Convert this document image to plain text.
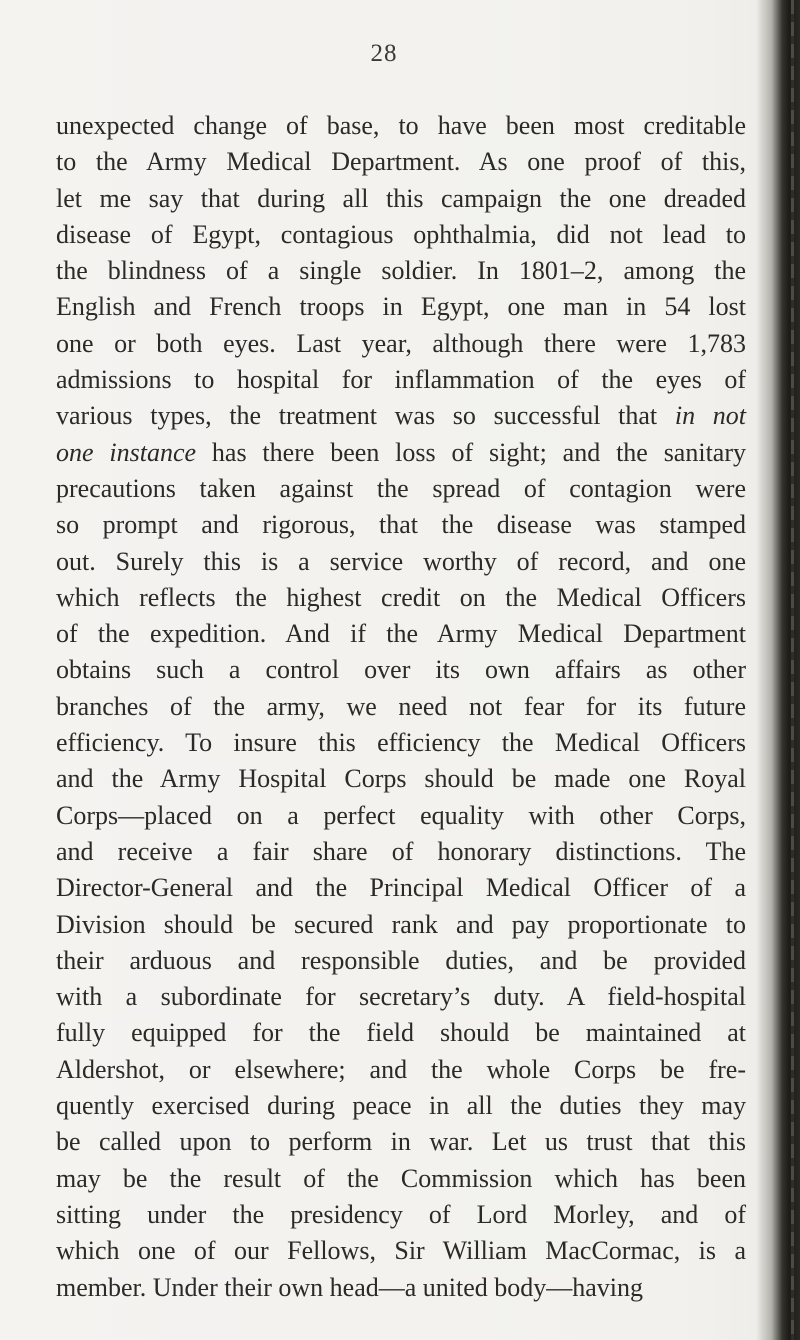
28
unexpected change of base, to have been most creditable
to the Army Medical Department. As one proof of this,
let me say that during all this campaign the one dreaded
disease of Egypt, contagious ophthalmia, did not lead to
the blindness of a single soldier. In 1801–2, among the
English and French troops in Egypt, one man in 54 lost
one or both eyes. Last year, although there were 1,783
admissions to hospital for inflammation of the eyes of
various types, the treatment was so successful that in not
one instance has there been loss of sight; and the sanitary
precautions taken against the spread of contagion were
so prompt and rigorous, that the disease was stamped
out. Surely this is a service worthy of record, and one
which reflects the highest credit on the Medical Officers
of the expedition. And if the Army Medical Department
obtains such a control over its own affairs as other
branches of the army, we need not fear for its future
efficiency. To insure this efficiency the Medical Officers
and the Army Hospital Corps should be made one Royal
Corps—placed on a perfect equality with other Corps,
and receive a fair share of honorary distinctions. The
Director-General and the Principal Medical Officer of a
Division should be secured rank and pay proportionate to
their arduous and responsible duties, and be provided
with a subordinate for secretary’s duty. A field-hospital
fully equipped for the field should be maintained at
Aldershot, or elsewhere; and the whole Corps be fre-
quently exercised during peace in all the duties they may
be called upon to perform in war. Let us trust that this
may be the result of the Commission which has been
sitting under the presidency of Lord Morley, and of
which one of our Fellows, Sir William MacCormac, is a
member. Under their own head—a united body—having
